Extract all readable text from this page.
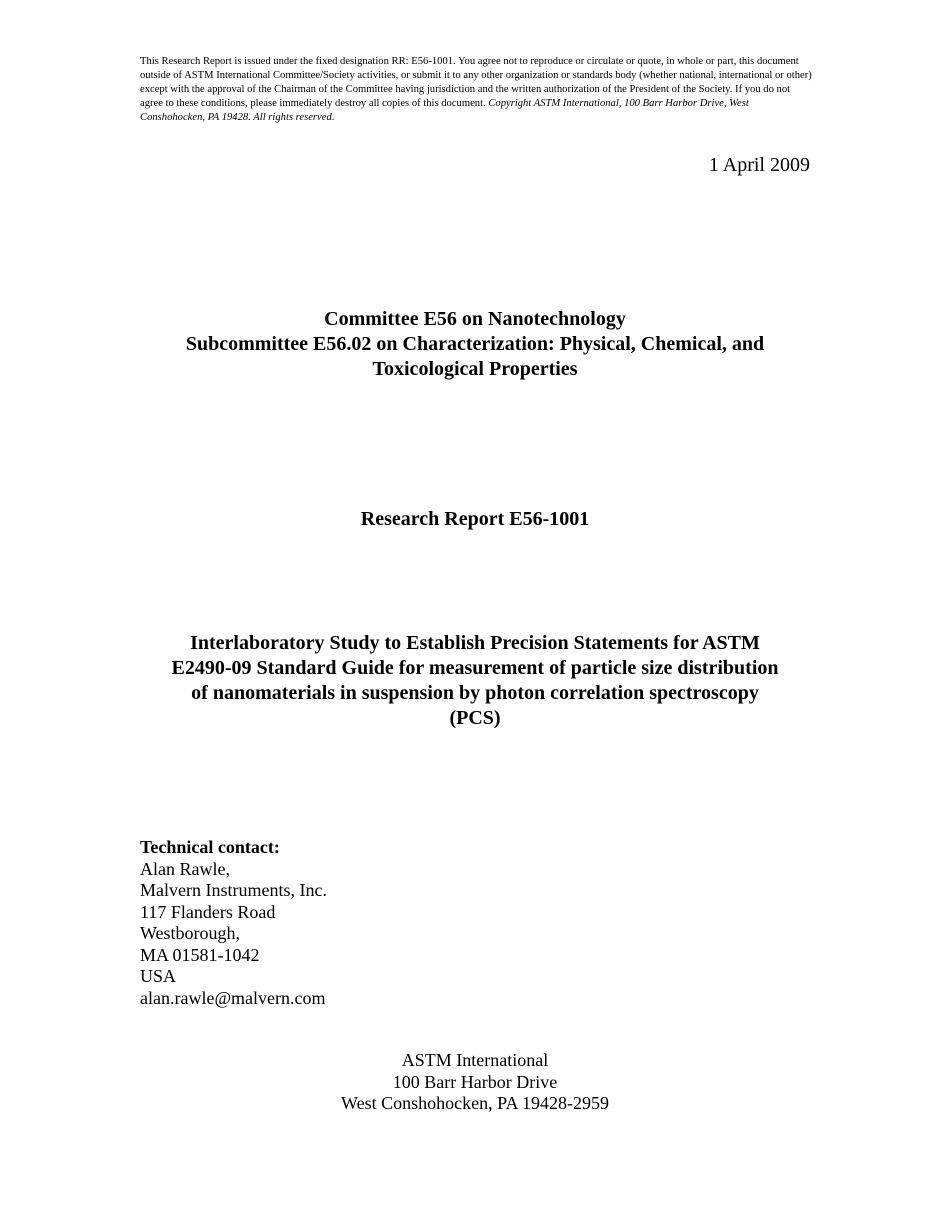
This Research Report is issued under the fixed designation RR: E56-1001. You agree not to reproduce or circulate or quote, in whole or part, this document outside of ASTM International Committee/Society activities, or submit it to any other organization or standards body (whether national, international or other) except with the approval of the Chairman of the Committee having jurisdiction and the written authorization of the President of the Society. If you do not agree to these conditions, please immediately destroy all copies of this document. Copyright ASTM International, 100 Barr Harbor Drive, West Conshohocken, PA 19428. All rights reserved.
1 April 2009
Committee E56 on Nanotechnology
Subcommittee E56.02 on Characterization: Physical, Chemical, and
Toxicological Properties
Research Report E56-1001
Interlaboratory Study to Establish Precision Statements for ASTM
E2490-09 Standard Guide for measurement of particle size distribution
of nanomaterials in suspension by photon correlation spectroscopy
(PCS)
Technical contact:
Alan Rawle,
Malvern Instruments, Inc.
117 Flanders Road
Westborough,
MA 01581-1042
USA
alan.rawle@malvern.com
ASTM International
100 Barr Harbor Drive
West Conshohocken, PA 19428-2959
